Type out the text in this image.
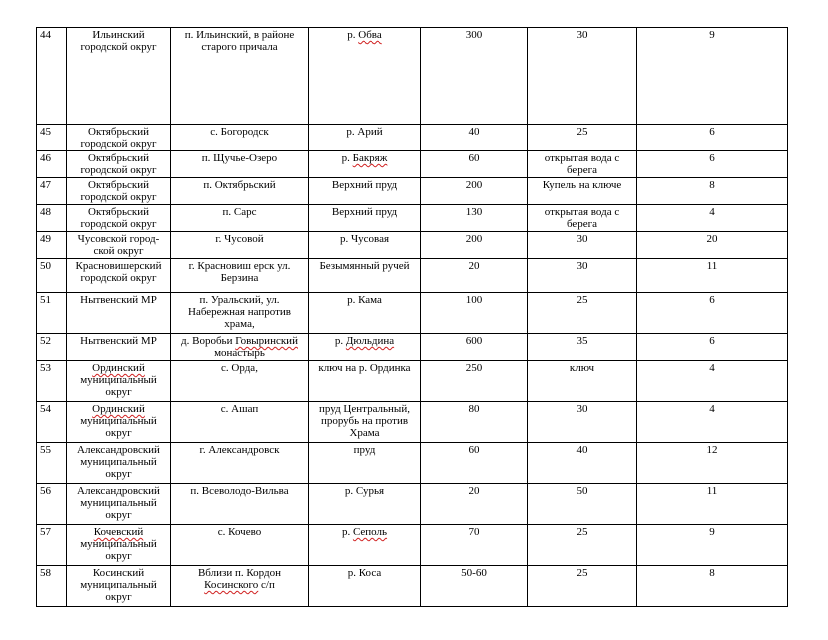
44	Ильинский городской округ	п. Ильинский, в районе старого причала	р. Обва	300	30	9
45	Октябрьский городской округ	с. Богородск	р. Арий	40	25	6
46	Октябрьский городской округ	п. Щучье-Озеро	р. Бакряж	60	открытая вода с берега	6
47	Октябрьский городской округ	п. Октябрьский	Верхний пруд	200	Купель на ключе	8
48	Октябрьский городской округ	п. Сарс	Верхний пруд	130	открытая вода с берега	4
49	Чусовской город-ской округ	г. Чусовой	р. Чусовая	200	30	20
50	Красновишерский городской округ	г. Красновиш ерск ул. Берзина	Безымянный ручей	20	30	11
51	Нытвенский МР	п. Уральский, ул. Набережная напротив храма,	р. Кама	100	25	6
52	Нытвенский МР	д. Воробьи Говыринский монастырь	р. Дюльдина	600	35	6
53	Ординский муниципальный округ	с. Орда,	ключ на р. Ординка	250	ключ	4
54	Ординский муниципальный округ	с. Ашап	пруд Центральный, прорубь на против Храма	80	30	4
55	Александровский муниципальный округ	г. Александровск	пруд	60	40	12
56	Александровский муниципальный округ	п. Всеволодо-Вильва	р. Сурья	20	50	11
57	Кочевский муниципальный округ	с. Кочево	р. Сеполь	70	25	9
58	Косинский муниципальный округ	Вблизи п. Кордон Косинского с/п	р. Коса	50-60	25	8
